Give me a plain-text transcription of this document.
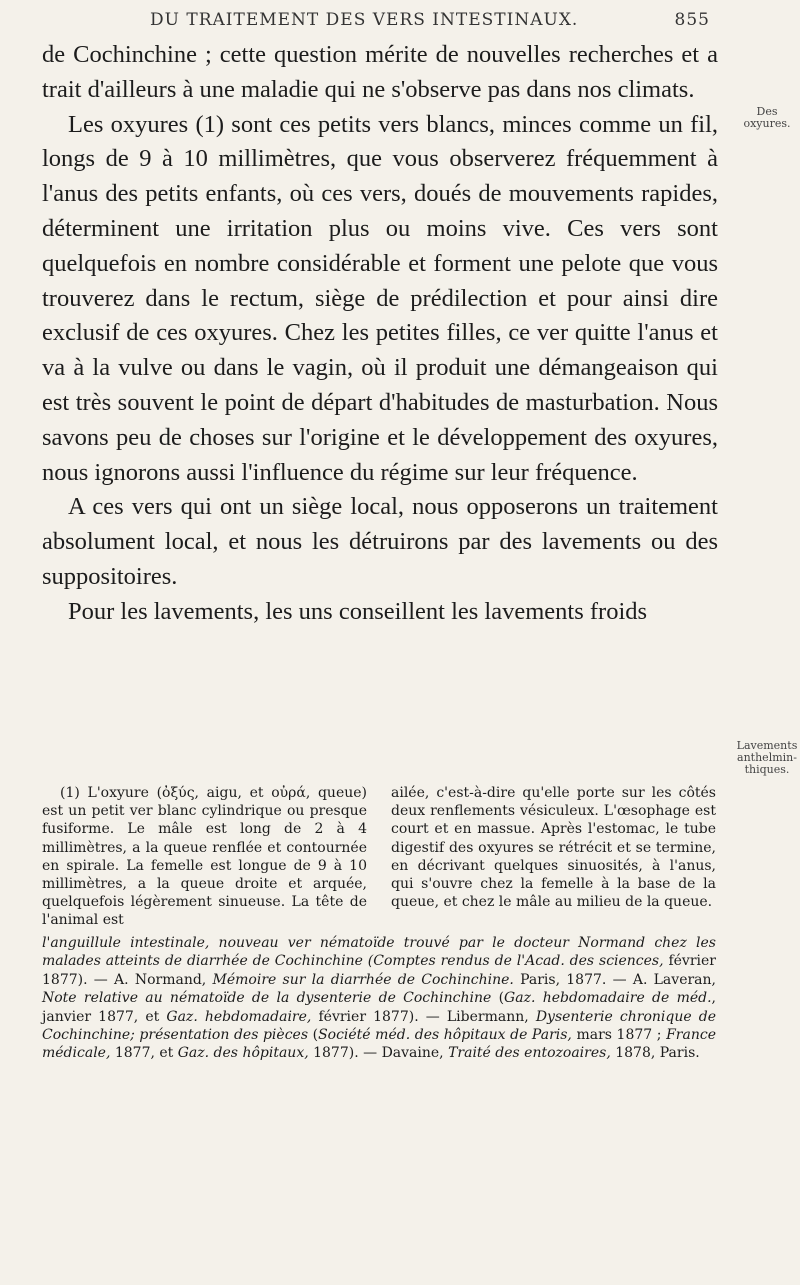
DU TRAITEMENT DES VERS INTESTINAUX.	855

de Cochinchine ; cette question mérite de nouvelles recherches et a trait d'ailleurs à une maladie qui ne s'observe pas dans nos climats.

Les oxyures (1) sont ces petits vers blancs, minces comme un fil, longs de 9 à 10 millimètres, que vous observerez fréquemment à l'anus des petits enfants, où ces vers, doués de mouvements rapides, déterminent une irritation plus ou moins vive. Ces vers sont quelquefois en nombre considérable et forment une pelote que vous trouverez dans le rectum, siège de prédilection et pour ainsi dire exclusif de ces oxyures. Chez les petites filles, ce ver quitte l'anus et va à la vulve ou dans le vagin, où il produit une démangeaison qui est très souvent le point de départ d'habitudes de masturbation. Nous savons peu de choses sur l'origine et le développement des oxyures, nous ignorons aussi l'influence du régime sur leur fréquence.

A ces vers qui ont un siège local, nous opposerons un traitement absolument local, et nous les détruirons par des lavements ou des suppositoires.

Pour les lavements, les uns conseillent les lavements froids

Des oxyures.
Lavements anthelmin-thiques.

(1) L'oxyure (ὀξύς, aigu, et οὐρά, queue) est un petit ver blanc cylindrique ou presque fusiforme. Le mâle est long de 2 à 4 millimètres, a la queue renflée et contournée en spirale. La femelle est longue de 9 à 10 millimètres, a la queue droite et arquée, quelquefois légèrement sinueuse. La tête de l'animal est

ailée, c'est-à-dire qu'elle porte sur les côtés deux renflements vésiculeux. L'œsophage est court et en massue. Après l'estomac, le tube digestif des oxyures se rétrécit et se termine, en décrivant quelques sinuosités, à l'anus, qui s'ouvre chez la femelle à la base de la queue, et chez le mâle au milieu de la queue.

l'anguillule intestinale, nouveau ver nématoïde trouvé par le docteur Normand chez les malades atteints de diarrhée de Cochinchine (Comptes rendus de l'Acad. des sciences, février 1877). — A. Normand, Mémoire sur la diarrhée de Cochinchine. Paris, 1877. — A. Laveran, Note relative au nématoïde de la dysenterie de Cochinchine (Gaz. hebdomadaire de méd., janvier 1877, et Gaz. hebdomadaire, février 1877). — Libermann, Dysenterie chronique de Cochinchine; présentation des pièces (Société méd. des hôpitaux de Paris, mars 1877 ; France médicale, 1877, et Gaz. des hôpitaux, 1877). — Davaine, Traité des entozoaires, 1878, Paris.
